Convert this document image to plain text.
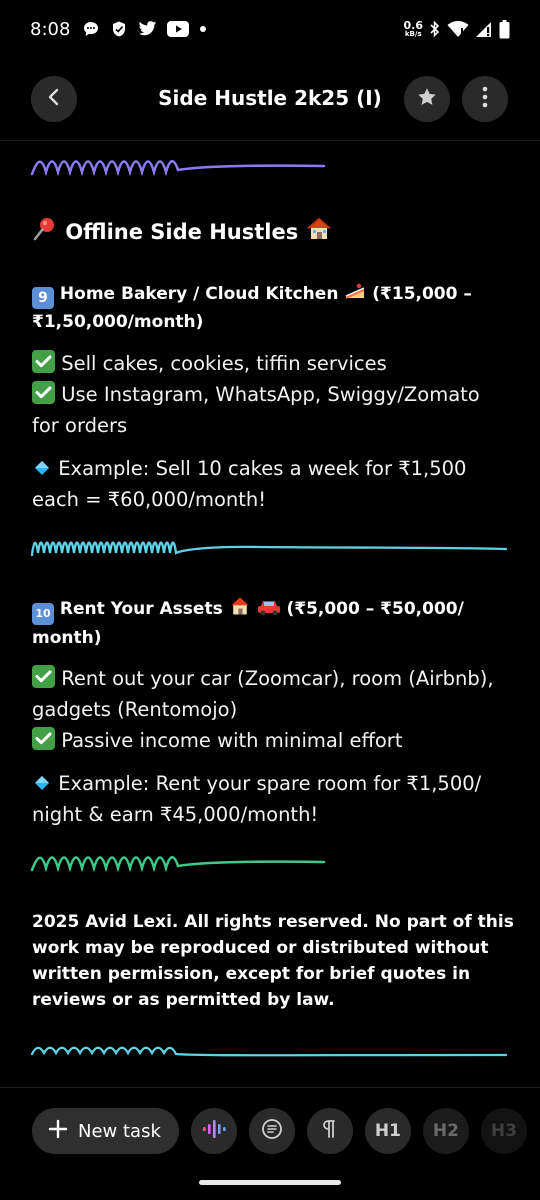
8:08	0.6
kB/s
Side Hustle 2k25 (I)
Offline Side Hustles
9 Home Bakery / Cloud Kitchen (₹15,000 –
₹1,50,000/month)
Sell cakes, cookies, tiffin services
Use Instagram, WhatsApp, Swiggy/Zomato
for orders
Example: Sell 10 cakes a week for ₹1,500
each = ₹60,000/month!
10 Rent Your Assets
	(₹5,000 – ₹50,000/
month)
Rent out your car (Zoomcar), room (Airbnb),
gadgets (Rentomojo)
Passive income with minimal effort
Example: Rent your spare room for ₹1,500/
night & earn ₹45,000/month!
2025 Avid Lexi. All rights reserved. No part of this
work may be reproduced or distributed without
written permission, except for brief quotes in
reviews or as permitted by law.
New task	H1	H2	H3
